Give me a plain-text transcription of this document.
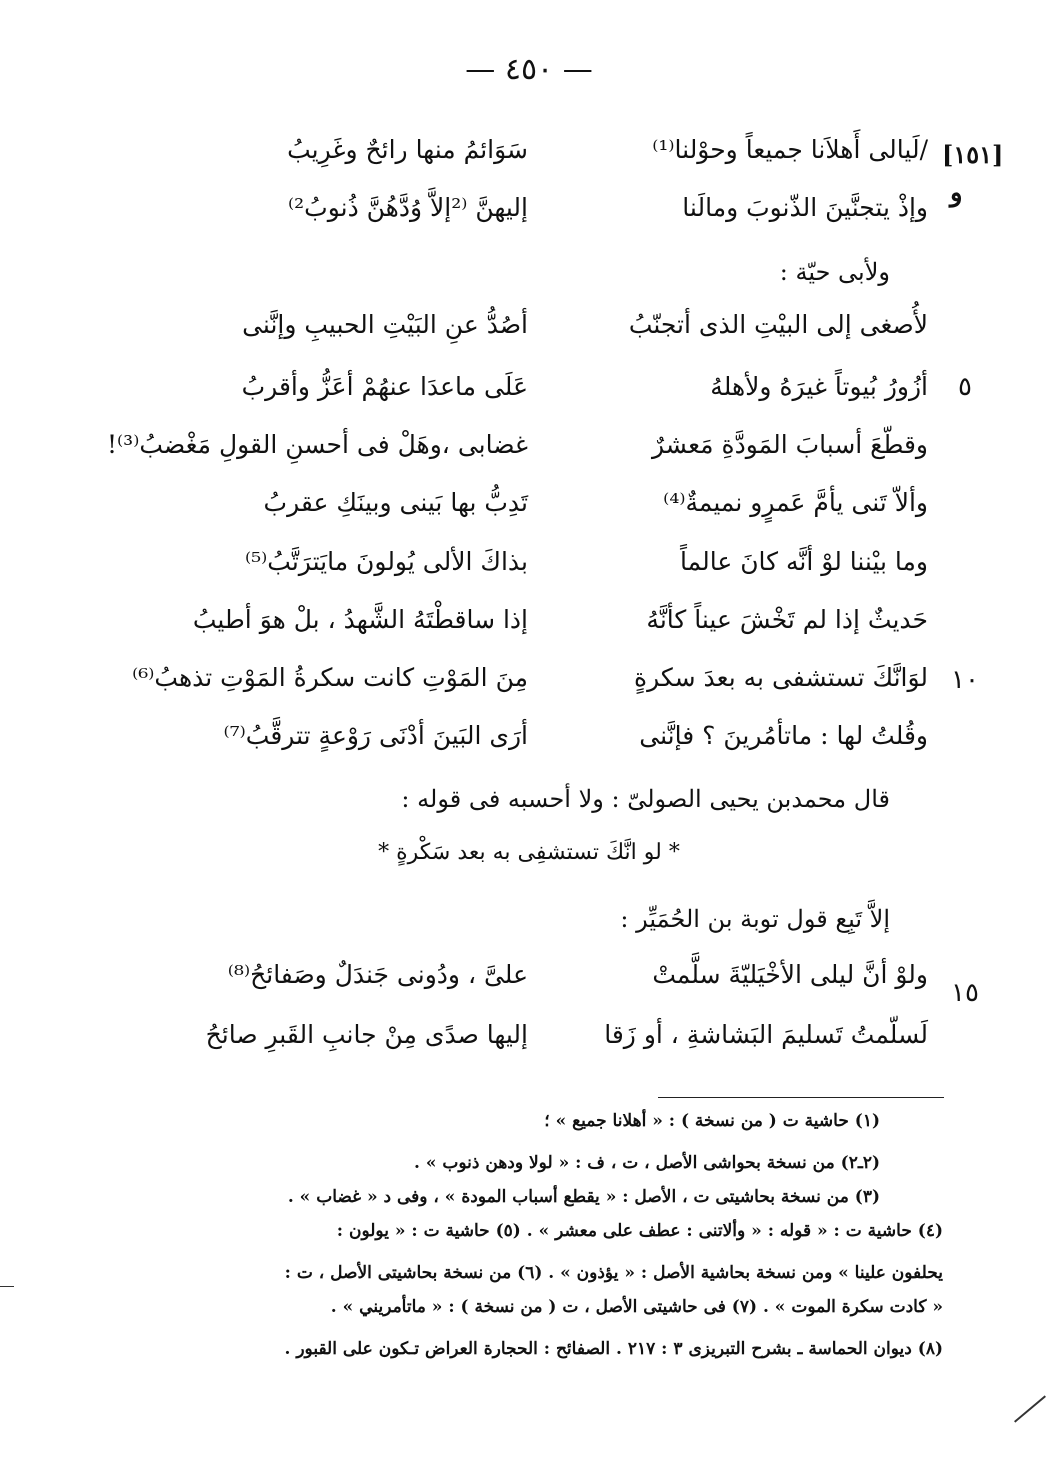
— ٤٥٠ —
[١٥١]
و
/لَيالى أَهلاَنا جميعاً وحوْلنا⁽¹⁾
سَوَائمُ منها رائحٌ وغَرِيبُ
وإذْ يتجنَّينَ الذّنوبَ ومالَنا
إليهنَّ ⁽²إلاَّ وُدَّهُنَّ ذُنوبُ²⁾
ولأبى حيّة :
لأُصغى إلى البيْتِ الذى أتجنّبُ
أصُدُّ عنِ البَيْتِ الحبيبِ وإنَّنى
٥
أزُورُ بُيوتاً غيرَهُ ولأهلهُ
عَلَى ماعدَا عنهُمْ أعَزُّ وأقربُ
وقطّعَ أسبابَ المَودَّةِ مَعشرٌ
غضابى ،وهَلْ فى أحسنِ القولِ مَغْضبُ⁽³⁾!
وألاّ تَنى يأمَّ عَمرٍو نميمةٌ⁽⁴⁾
تَدِبُّ بها بَينى وبينَكِ عقربُ
وما بيْننا لوْ أنَّه كانَ عالماً
بذاكَ الألى يُولونَ مايَترَتَّبُ⁽⁵⁾
حَديثٌ إذا لم تَخْشَ عيناً كأنَّهُ
إذا ساقطْتَهُ الشَّهدُ ، بلْ هوَ أطيبُ
١٠
لوَانَّكَ تستشفى به بعدَ سكرةٍ
مِنَ المَوْتِ كانت سكرةُ المَوْتِ تذهبُ⁽⁶⁾
وقُلتُ لها : ماتأمُرينَ ؟ فإنَّنى
أرَى البَينَ أدْنَى رَوْعةٍ تترقَّبُ⁽⁷⁾
قال محمدبن يحيى الصولىّ : ولا أحسبه فى قوله :
* لو انَّكَ تستشفِى به بعد سَكْرةٍ *
إلاَّ تَبِع قول توبة بن الحُمَيِّر :
١٥
ولوْ أنَّ ليلى الأخْيَليّةَ سلَّمتْ
علىَّ ، ودُونى جَندَلٌ وصَفائحُ⁽⁸⁾
لَسلّمتُ تَسليمَ البَشاشةِ ، أو زَقا
إليها صدًى مِنْ جانبِ القَبرِ صائحُ
(١) حاشية ت ( من نسخة ) : « أهلانا جميع » ؛
(٢ـ٢) من نسخة بحواشى الأصل ، ت ، ف : « لولا ودهن ذنوب » .
(٣) من نسخة بحاشيتى ت ، الأصل : « يقطع أسباب المودة » ، وفى د « غضاب » .
(٤) حاشية ت : « قوله : « وألاتنى : عطف على معشر » . (٥) حاشية ت : « يولون :
يحلفون علينا » ومن نسخة بحاشية الأصل : « يؤذون » . (٦) من نسخة بحاشيتى الأصل ، ت :
« كادت سكرة الموت » . (٧) فى حاشيتى الأصل ، ت ( من نسخة ) : « ماتأمريني » .
(٨) ديوان الحماسة ـ بشرح التبريزى ٣ : ٢١٧ . الصفائح : الحجارة العراض تـكون على القبور .
